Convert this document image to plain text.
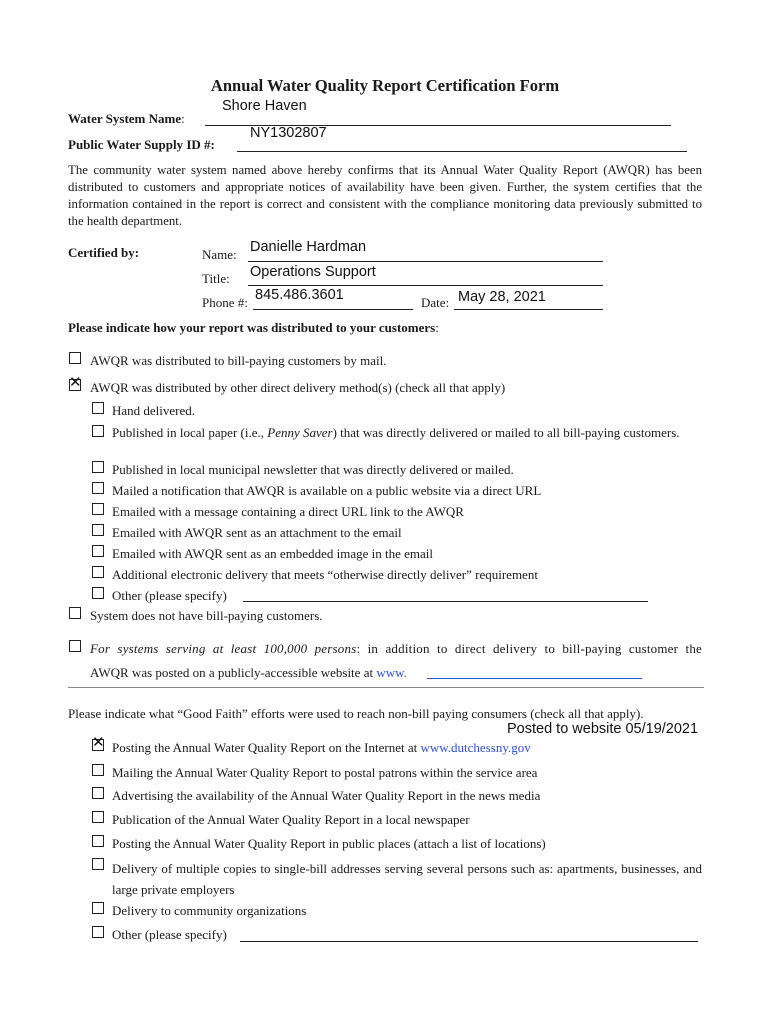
Annual Water Quality Report Certification Form
Water System Name:
Shore Haven
Public Water Supply ID #:
NY1302807
The community water system named above hereby confirms that its Annual Water Quality Report (AWQR) has been distributed to customers and appropriate notices of availability have been given. Further, the system certifies that the information contained in the report is correct and consistent with the compliance monitoring data previously submitted to the health department.
Certified by:	Name: Danielle Hardman
Title: Operations Support
Phone #: 845.486.3601	Date: May 28, 2021
Please indicate how your report was distributed to your customers:
AWQR was distributed to bill-paying customers by mail.
✕
AWQR was distributed by other direct delivery method(s) (check all that apply)
Hand delivered.
Published in local paper (i.e., Penny Saver) that was directly delivered or mailed to all bill-paying customers.
Published in local municipal newsletter that was directly delivered or mailed.
Mailed a notification that AWQR is available on a public website via a direct URL
Emailed with a message containing a direct URL link to the AWQR
Emailed with AWQR sent as an attachment to the email
Emailed with AWQR sent as an embedded image in the email
Additional electronic delivery that meets “otherwise directly deliver” requirement
Other (please specify)
System does not have bill-paying customers.
For systems serving at least 100,000 persons: in addition to direct delivery to bill-paying customer the
AWQR was posted on a publicly-accessible website at www.
Please indicate what “Good Faith” efforts were used to reach non-bill paying consumers (check all that apply).
Posted to website 05/19/2021
✕
Posting the Annual Water Quality Report on the Internet at www.dutchessny.gov
Mailing the Annual Water Quality Report to postal patrons within the service area
Advertising the availability of the Annual Water Quality Report in the news media
Publication of the Annual Water Quality Report in a local newspaper
Posting the Annual Water Quality Report in public places (attach a list of locations)
Delivery of multiple copies to single-bill addresses serving several persons such as: apartments, businesses, and large private employers
Delivery to community organizations
Other (please specify)
